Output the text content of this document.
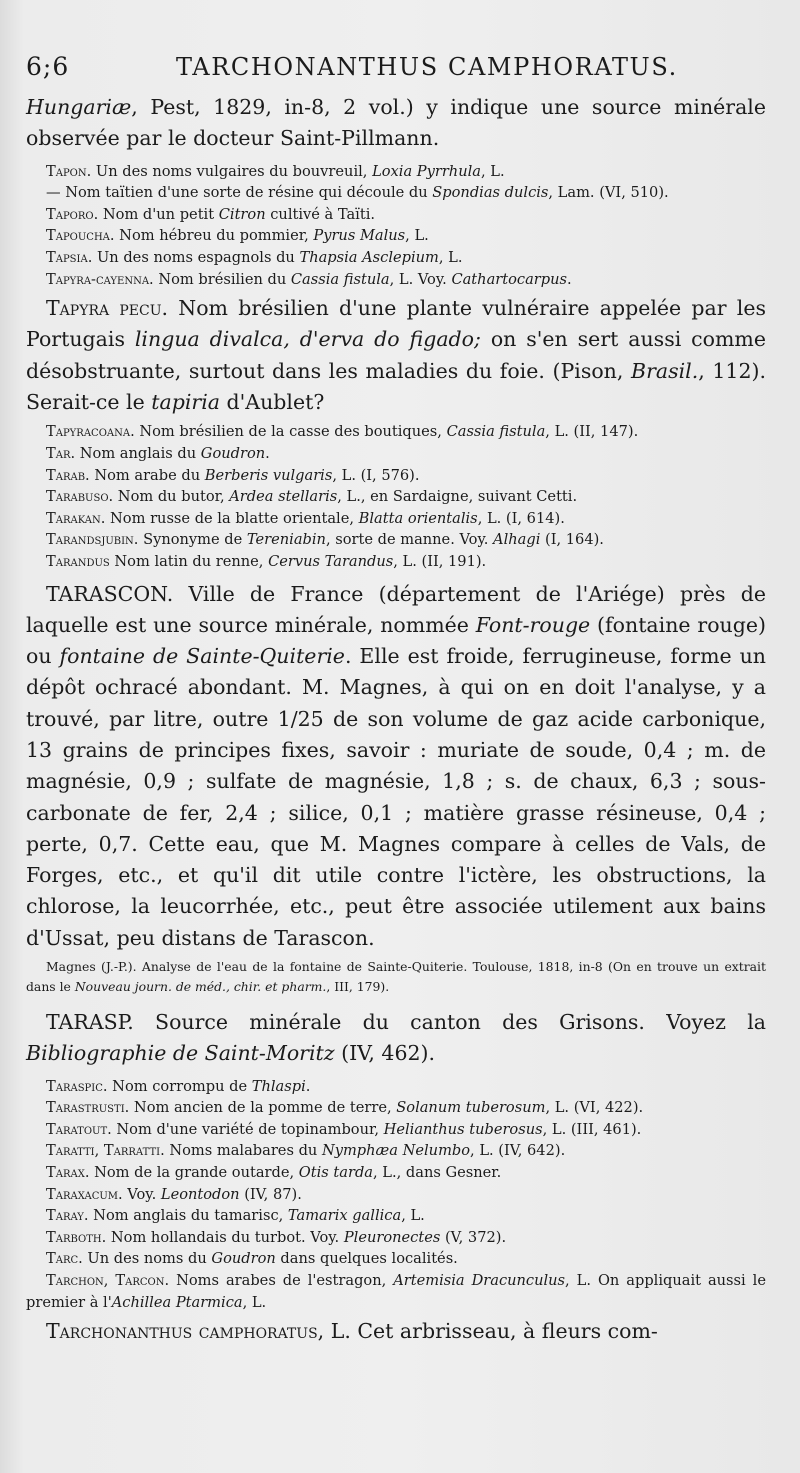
6;6	TARCHONANTHUS CAMPHORATUS.

Hungariæ, Pest, 1829, in-8, 2 vol.) y indique une source minérale observée par le docteur Saint-Pillmann.

Tapon. Un des noms vulgaires du bouvreuil, Loxia Pyrrhula, L.

— Nom taïtien d'une sorte de résine qui découle du Spondias dulcis, Lam. (VI, 510).

Taporo. Nom d'un petit Citron cultivé à Taïti.

Tapoucha. Nom hébreu du pommier, Pyrus Malus, L.

Tapsia. Un des noms espagnols du Thapsia Asclepium, L.

Tapyra-cayenna. Nom brésilien du Cassia fistula, L. Voy. Cathartocarpus.

Tapyra pecu. Nom brésilien d'une plante vulnéraire appelée par les Portugais lingua divalca, d'erva do figado; on s'en sert aussi comme désobstruante, surtout dans les maladies du foie. (Pison, Brasil., 112). Serait-ce le tapiria d'Aublet?

Tapyracoana. Nom brésilien de la casse des boutiques, Cassia fistula, L. (II, 147).

Tar. Nom anglais du Goudron.

Tarab. Nom arabe du Berberis vulgaris, L. (I, 576).

Tarabuso. Nom du butor, Ardea stellaris, L., en Sardaigne, suivant Cetti.

Tarakan. Nom russe de la blatte orientale, Blatta orientalis, L. (I, 614).

Tarandsjubin. Synonyme de Tereniabin, sorte de manne. Voy. Alhagi (I, 164).

Tarandus Nom latin du renne, Cervus Tarandus, L. (II, 191).

TARASCON. Ville de France (département de l'Ariége) près de laquelle est une source minérale, nommée Font-rouge (fontaine rouge) ou fontaine de Sainte-Quiterie. Elle est froide, ferrugineuse, forme un dépôt ochracé abondant. M. Magnes, à qui on en doit l'analyse, y a trouvé, par litre, outre 1/25 de son volume de gaz acide carbonique, 13 grains de principes fixes, savoir : muriate de soude, 0,4 ; m. de magnésie, 0,9 ; sulfate de magnésie, 1,8 ; s. de chaux, 6,3 ; sous-carbonate de fer, 2,4 ; silice, 0,1 ; matière grasse résineuse, 0,4 ; perte, 0,7. Cette eau, que M. Magnes compare à celles de Vals, de Forges, etc., et qu'il dit utile contre l'ictère, les obstructions, la chlorose, la leucorrhée, etc., peut être associée utilement aux bains d'Ussat, peu distans de Tarascon.

Magnes (J.-P.). Analyse de l'eau de la fontaine de Sainte-Quiterie. Toulouse, 1818, in-8 (On en trouve un extrait dans le Nouveau journ. de méd., chir. et pharm., III, 179).

TARASP. Source minérale du canton des Grisons. Voyez la Bibliographie de Saint-Moritz (IV, 462).

Taraspic. Nom corrompu de Thlaspi.

Tarastrusti. Nom ancien de la pomme de terre, Solanum tuberosum, L. (VI, 422).

Taratout. Nom d'une variété de topinambour, Helianthus tuberosus, L. (III, 461).

Taratti, Tarratti. Noms malabares du Nymphæa Nelumbo, L. (IV, 642).

Tarax. Nom de la grande outarde, Otis tarda, L., dans Gesner.

Taraxacum. Voy. Leontodon (IV, 87).

Taray. Nom anglais du tamarisc, Tamarix gallica, L.

Tarboth. Nom hollandais du turbot. Voy. Pleuronectes (V, 372).

Tarc. Un des noms du Goudron dans quelques localités.

Tarchon, Tarcon. Noms arabes de l'estragon, Artemisia Dracunculus, L. On appliquait aussi le premier à l'Achillea Ptarmica, L.

Tarchonanthus camphoratus, L. Cet arbrisseau, à fleurs com-
